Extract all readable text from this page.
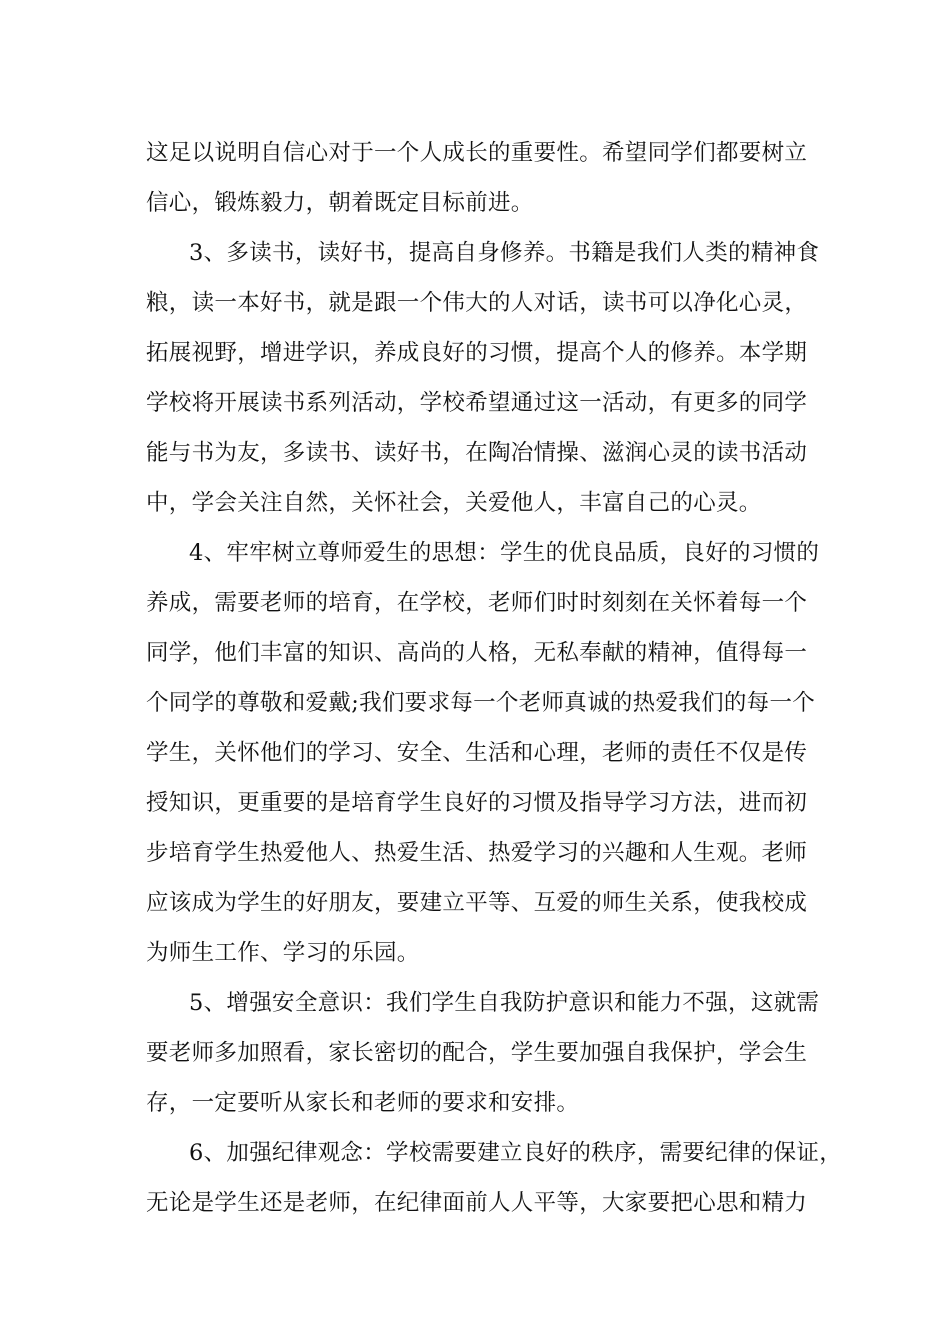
这足以说明自信心对于一个人成长的重要性。希望同学们都要树立
信心，锻炼毅力，朝着既定目标前进。
3、多读书，读好书，提高自身修养。书籍是我们人类的精神食
粮，读一本好书，就是跟一个伟大的人对话，读书可以净化心灵，
拓展视野，增进学识，养成良好的习惯，提高个人的修养。本学期
学校将开展读书系列活动，学校希望通过这一活动，有更多的同学
能与书为友，多读书、读好书，在陶冶情操、滋润心灵的读书活动
中，学会关注自然，关怀社会，关爱他人，丰富自己的心灵。
4、牢牢树立尊师爱生的思想：学生的优良品质，良好的习惯的
养成，需要老师的培育，在学校，老师们时时刻刻在关怀着每一个
同学，他们丰富的知识、高尚的人格，无私奉献的精神，值得每一
个同学的尊敬和爱戴;我们要求每一个老师真诚的热爱我们的每一个
学生，关怀他们的学习、安全、生活和心理，老师的责任不仅是传
授知识，更重要的是培育学生良好的习惯及指导学习方法，进而初
步培育学生热爱他人、热爱生活、热爱学习的兴趣和人生观。老师
应该成为学生的好朋友，要建立平等、互爱的师生关系，使我校成
为师生工作、学习的乐园。
5、增强安全意识：我们学生自我防护意识和能力不强，这就需
要老师多加照看，家长密切的配合，学生要加强自我保护，学会生
存，一定要听从家长和老师的要求和安排。
6、加强纪律观念：学校需要建立良好的秩序，需要纪律的保证，
无论是学生还是老师，在纪律面前人人平等，大家要把心思和精力
